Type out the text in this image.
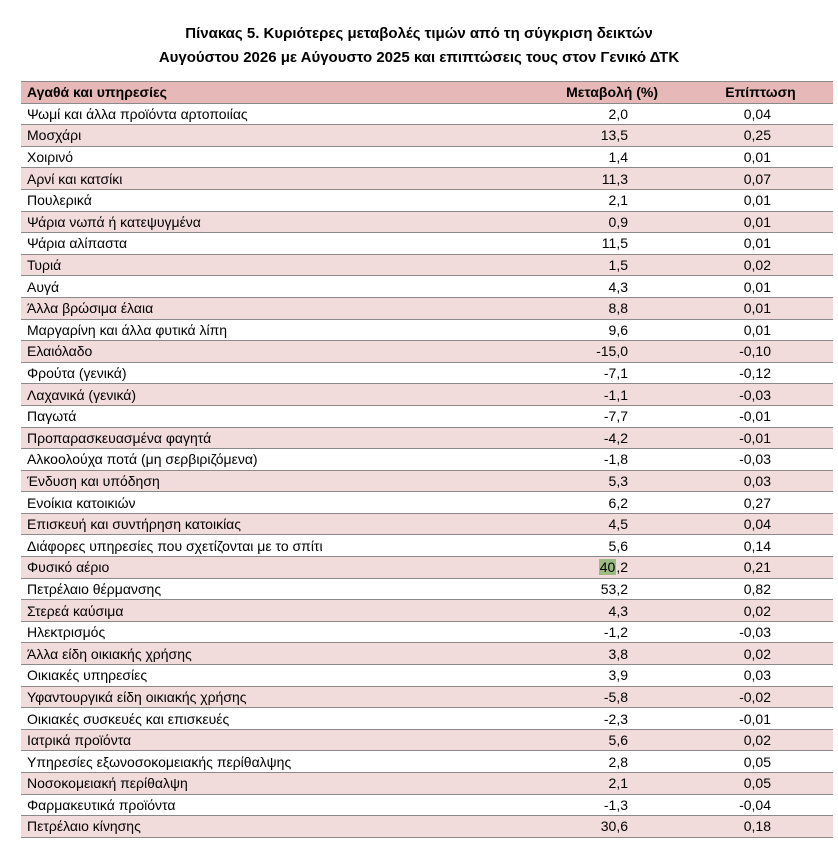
Πίνακας 5. Κυριότερες μεταβολές τιμών από τη σύγκριση δεικτών
Αυγούστου 2026 με Αύγουστο 2025 και επιπτώσεις τους στον Γενικό ΔΤΚ
Αγαθά και υπηρεσίες	Μεταβολή (%)	Επίπτωση
Ψωμί και άλλα προϊόντα αρτοποιίας	2,0	0,04
Μοσχάρι	13,5	0,25
Χοιρινό	1,4	0,01
Αρνί και κατσίκι	11,3	0,07
Πουλερικά	2,1	0,01
Ψάρια νωπά ή κατεψυγμένα	0,9	0,01
Ψάρια αλίπαστα	11,5	0,01
Τυριά	1,5	0,02
Αυγά	4,3	0,01
Άλλα βρώσιμα έλαια	8,8	0,01
Μαργαρίνη και άλλα φυτικά λίπη	9,6	0,01
Ελαιόλαδο	-15,0	-0,10
Φρούτα (γενικά)	-7,1	-0,12
Λαχανικά (γενικά)	-1,1	-0,03
Παγωτά	-7,7	-0,01
Προπαρασκευασμένα φαγητά	-4,2	-0,01
Αλκοολούχα ποτά (μη σερβιριζόμενα)	-1,8	-0,03
Ένδυση και υπόδηση	5,3	0,03
Ενοίκια κατοικιών	6,2	0,27
Επισκευή και συντήρηση κατοικίας	4,5	0,04
Διάφορες υπηρεσίες που σχετίζονται με το σπίτι	5,6	0,14
Φυσικό αέριο	40,2	0,21
Πετρέλαιο θέρμανσης	53,2	0,82
Στερεά καύσιμα	4,3	0,02
Ηλεκτρισμός	-1,2	-0,03
Άλλα είδη οικιακής χρήσης	3,8	0,02
Οικιακές υπηρεσίες	3,9	0,03
Υφαντουργικά είδη οικιακής χρήσης	-5,8	-0,02
Οικιακές συσκευές και επισκευές	-2,3	-0,01
Ιατρικά προϊόντα	5,6	0,02
Υπηρεσίες εξωνοσοκομειακής περίθαλψης	2,8	0,05
Νοσοκομειακή περίθαλψη	2,1	0,05
Φαρμακευτικά προϊόντα	-1,3	-0,04
Πετρέλαιο κίνησης	30,6	0,18
